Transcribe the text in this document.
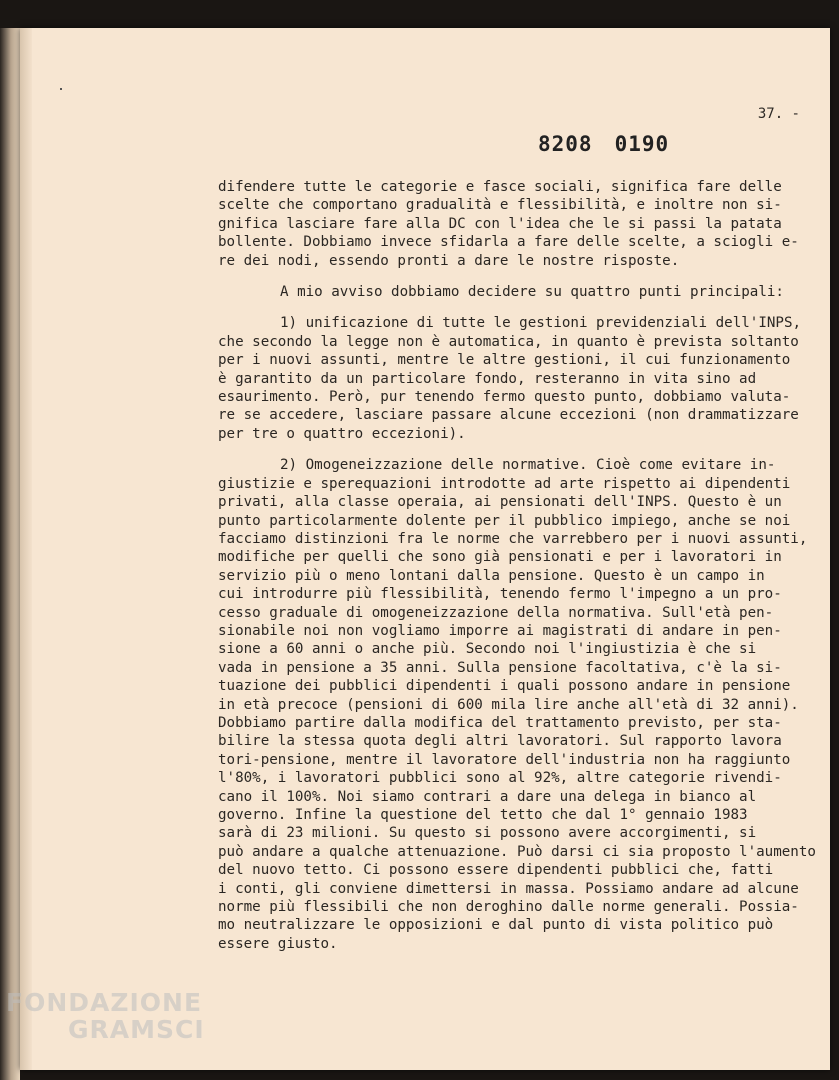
37. -
8208 0190
difendere tutte le categorie e fasce sociali, significa fare delle
scelte che comportano gradualità e flessibilità, e inoltre non si-
gnifica lasciare fare alla DC con l'idea che le si passi la patata
bollente. Dobbiamo invece sfidarla a fare delle scelte, a sciogli e-
re dei nodi, essendo pronti a dare le nostre risposte.
A mio avviso dobbiamo decidere su quattro punti principali:
1) unificazione di tutte le gestioni previdenziali dell'INPS,
che secondo la legge non è automatica, in quanto è prevista soltanto
per i nuovi assunti, mentre le altre gestioni, il cui funzionamento
è garantito da un particolare fondo, resteranno in vita sino ad
esaurimento. Però, pur tenendo fermo questo punto, dobbiamo valuta-
re se accedere, lasciare passare alcune eccezioni (non drammatizzare
per tre o quattro eccezioni).
2) Omogeneizzazione delle normative. Cioè come evitare in-
giustizie e sperequazioni introdotte ad arte rispetto ai dipendenti
privati, alla classe operaia, ai pensionati dell'INPS. Questo è un
punto particolarmente dolente per il pubblico impiego, anche se noi
facciamo distinzioni fra le norme che varrebbero per i nuovi assunti,
modifiche per quelli che sono già pensionati e per i lavoratori in
servizio più o meno lontani dalla pensione. Questo è un campo in
cui introdurre più flessibilità, tenendo fermo l'impegno a un pro-
cesso graduale di omogeneizzazione della normativa. Sull'età pen-
sionabile noi non vogliamo imporre ai magistrati di andare in pen-
sione a 60 anni o anche più. Secondo noi l'ingiustizia è che si
vada in pensione a 35 anni. Sulla pensione facoltativa, c'è la si-
tuazione dei pubblici dipendenti i quali possono andare in pensione
in età precoce (pensioni di 600 mila lire anche all'età di 32 anni).
Dobbiamo partire dalla modifica del trattamento previsto, per sta-
bilire la stessa quota degli altri lavoratori. Sul rapporto lavora
tori-pensione, mentre il lavoratore dell'industria non ha raggiunto
l'80%, i lavoratori pubblici sono al 92%, altre categorie rivendi-
cano il 100%. Noi siamo contrari a dare una delega in bianco al
governo. Infine la questione del tetto che dal 1° gennaio 1983
sarà di 23 milioni. Su questo si possono avere accorgimenti, si
può andare a qualche attenuazione. Può darsi ci sia proposto l'aumento
del nuovo tetto. Ci possono essere dipendenti pubblici che, fatti
i conti, gli conviene dimettersi in massa. Possiamo andare ad alcune
norme più flessibili che non deroghino dalle norme generali. Possia-
mo neutralizzare le opposizioni e dal punto di vista politico può
essere giusto.
FONDAZIONE
GRAMSCI
